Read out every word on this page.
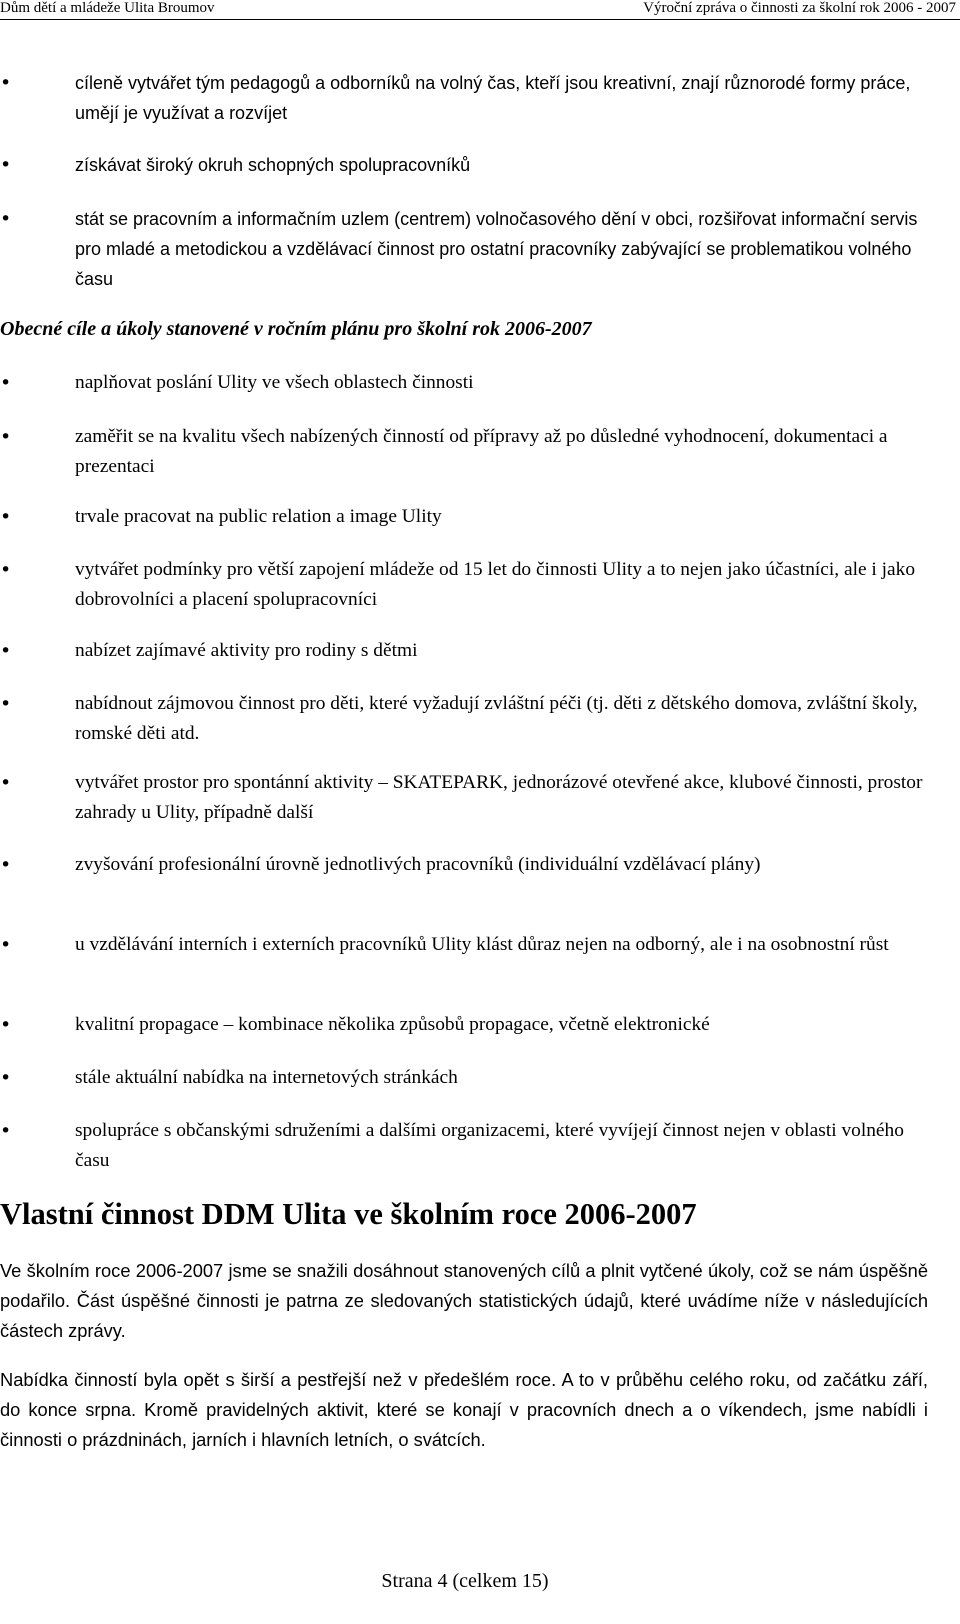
Dům dětí a mládeže Ulita Broumov	Výroční zpráva o činnosti za školní rok 2006 - 2007
•	cíleně vytvářet tým pedagogů a odborníků na volný čas, kteří jsou kreativní, znají různorodé formy práce, umějí je využívat a rozvíjet

•	získávat široký okruh schopných spolupracovníků

•	stát se pracovním a informačním uzlem (centrem) volnočasového dění v obci, rozšiřovat informační servis pro mladé a metodickou a vzdělávací činnost pro ostatní pracovníky zabývající se problematikou volného času

Obecné cíle a úkoly stanovené v ročním plánu pro školní rok 2006-2007
•	naplňovat poslání Ulity ve všech oblastech činnosti

•	zaměřit se na kvalitu všech nabízených činností od přípravy až po důsledné vyhodnocení, dokumentaci a prezentaci

•	trvale pracovat na public relation a image Ulity

•	vytvářet podmínky pro větší zapojení mládeže od 15 let do činnosti Ulity a to nejen jako účastníci, ale i jako dobrovolníci a placení spolupracovníci

•	nabízet zajímavé aktivity pro rodiny s dětmi

•	nabídnout zájmovou činnost pro děti, které vyžadují zvláštní péči (tj. děti z dětského domova, zvláštní školy, romské děti atd.

•	vytvářet prostor pro spontánní aktivity – SKATEPARK, jednorázové otevřené akce, klubové činnosti, prostor zahrady u Ulity, případně další

•	zvyšování profesionální úrovně jednotlivých pracovníků (individuální vzdělávací plány)

•	u vzdělávání interních i externích pracovníků Ulity klást důraz nejen na odborný, ale i na osobnostní růst

•	kvalitní propagace – kombinace několika způsobů propagace, včetně elektronické

•	stále aktuální nabídka na internetových stránkách

•	spolupráce s občanskými sdruženími a dalšími organizacemi, které vyvíjejí činnost nejen v oblasti volného času

Vlastní činnost DDM Ulita ve školním roce 2006-2007

Ve školním roce 2006-2007 jsme se snažili dosáhnout stanovených cílů a plnit vytčené úkoly, což se nám úspěšně podařilo. Část úspěšné činnosti je patrna ze sledovaných statistických údajů, které uvádíme níže v následujících částech zprávy.

Nabídka činností byla opět s širší a pestřejší než v předešlém roce. A to v průběhu celého roku, od začátku září, do konce srpna. Kromě pravidelných aktivit, které se konají v pracovních dnech a o víkendech, jsme nabídli i činnosti o prázdninách, jarních i hlavních letních, o svátcích.

Strana 4 (celkem 15)
